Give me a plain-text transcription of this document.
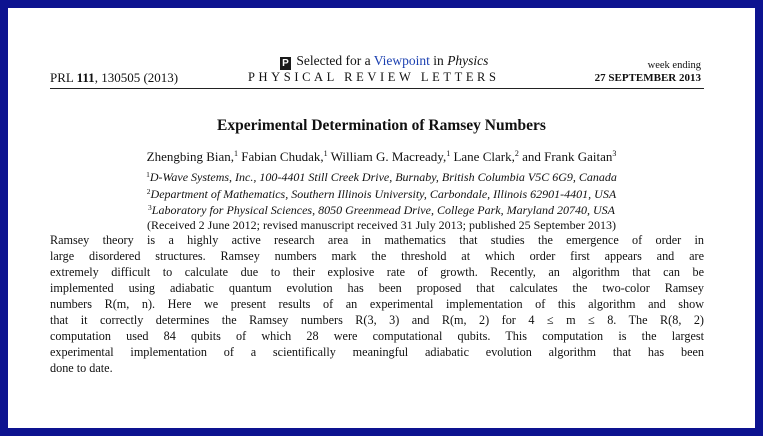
P Selected for a Viewpoint in Physics
PRL 111, 130505 (2013)	PHYSICAL REVIEW LETTERS
week ending
27 SEPTEMBER 2013
Experimental Determination of Ramsey Numbers
Zhengbing Bian,$^1$ Fabian Chudak,$^1$ William G. Macready,$^1$ Lane Clark,$^2$ and Frank Gaitan$^3$
$^1$D-Wave Systems, Inc., 100-4401 Still Creek Drive, Burnaby, British Columbia V5C 6G9, Canada
$^2$Department of Mathematics, Southern Illinois University, Carbondale, Illinois 62901-4401, USA
$^3$Laboratory for Physical Sciences, 8050 Greenmead Drive, College Park, Maryland 20740, USA
(Received 2 June 2012; revised manuscript received 31 July 2013; published 25 September 2013)
Ramsey theory is a highly active research area in mathematics that studies the emergence of order in
large disordered structures. Ramsey numbers mark the threshold at which order first appears and are
extremely difficult to calculate due to their explosive rate of growth. Recently, an algorithm that can be
implemented using adiabatic quantum evolution has been proposed that calculates the two-color Ramsey
numbers R(m, n). Here we present results of an experimental implementation of this algorithm and show
that it correctly determines the Ramsey numbers R(3, 3) and R(m, 2) for 4 ≤ m ≤ 8. The R(8, 2)
computation used 84 qubits of which 28 were computational qubits. This computation is the largest
experimental implementation of a scientifically meaningful adiabatic evolution algorithm that has been
done to date.
